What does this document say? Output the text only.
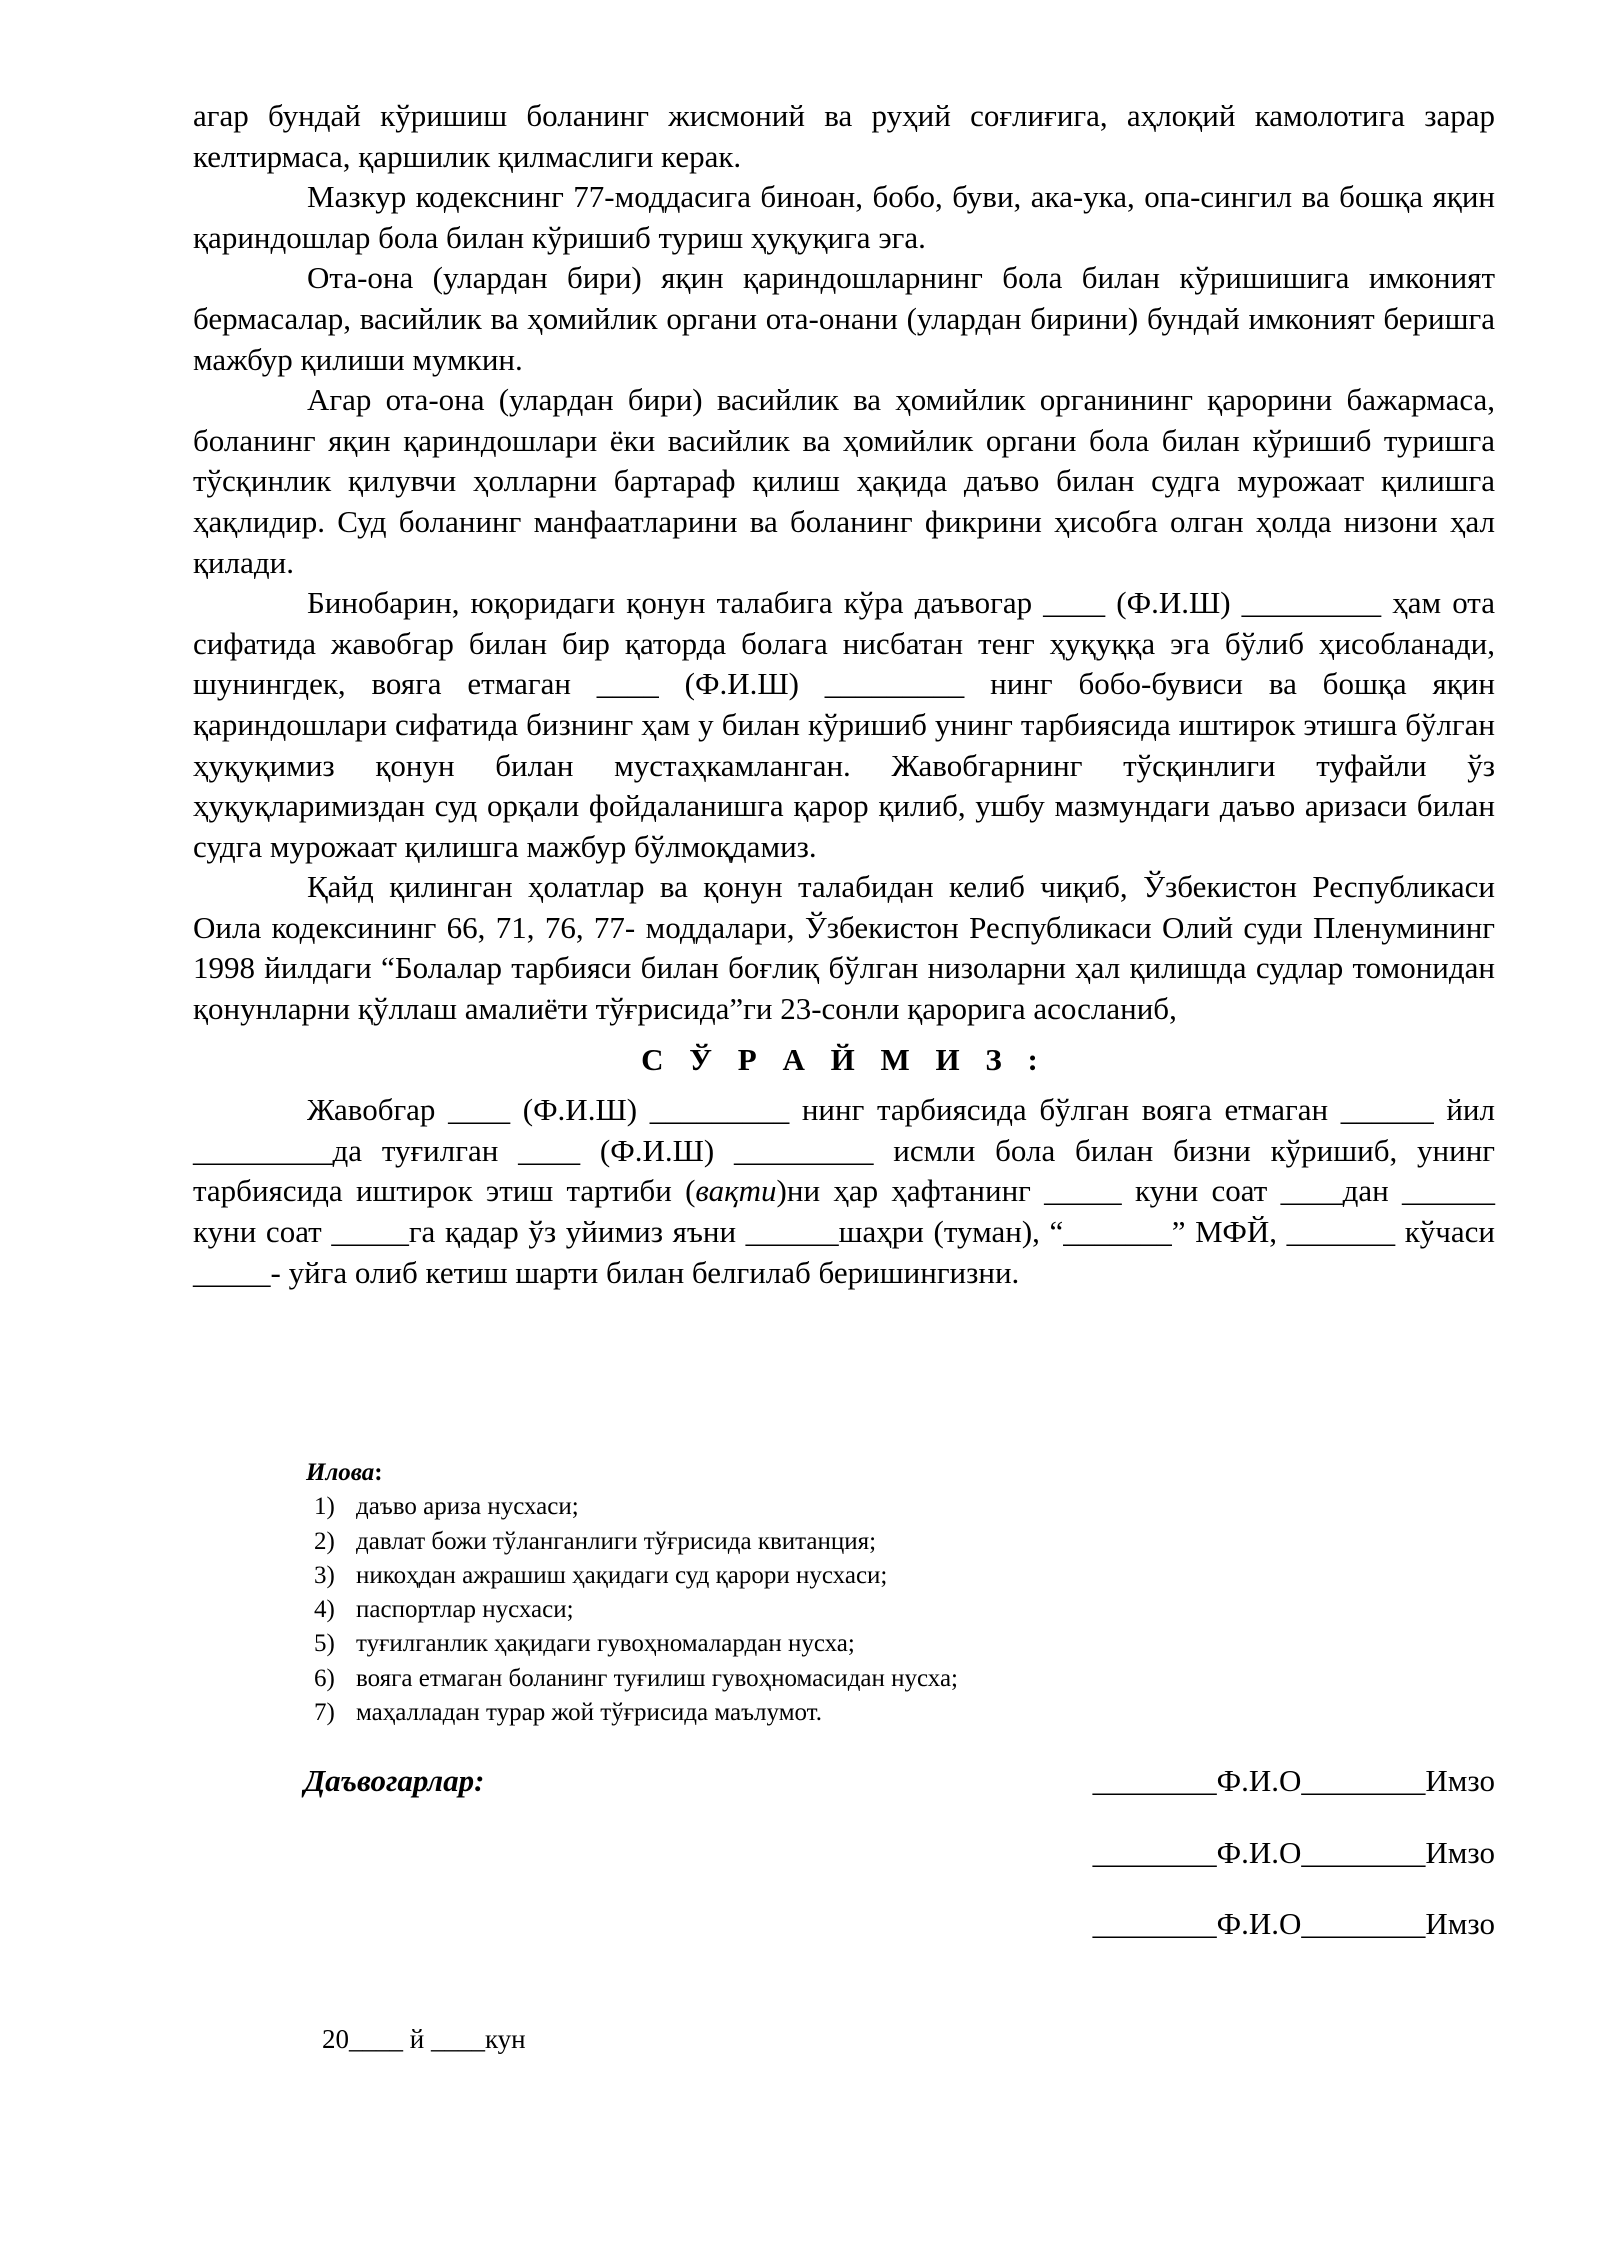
агар бундай кўришиш боланинг жисмоний ва руҳий соғлиғига, аҳлоқий камолотига зарар келтирмаса, қаршилик қилмаслиги керак.

Мазкур кодекснинг 77-моддасига биноан, бобо, буви, ака-ука, опа-сингил ва бошқа яқин қариндошлар бола билан кўришиб туриш ҳуқуқига эга.

Ота-она (улардан бири) яқин қариндошларнинг бола билан кўришишига имконият бермасалар, васийлик ва ҳомийлик органи ота-онани (улардан бирини) бундай имконият беришга мажбур қилиши мумкин.

Агар ота-она (улардан бири) васийлик ва ҳомийлик органининг қарорини бажармаса, боланинг яқин қариндошлари ёки васийлик ва ҳомийлик органи бола билан кўришиб туришга тўсқинлик қилувчи ҳолларни бартараф қилиш ҳақида даъво билан судга мурожаат қилишга ҳақлидир. Суд боланинг манфаатларини ва боланинг фикрини ҳисобга олган ҳолда низони ҳал қилади.

Бинобарин, юқоридаги қонун талабига кўра даъвогар ____ (Ф.И.Ш) _________ ҳам ота сифатида жавобгар билан бир қаторда болага нисбатан тенг ҳуқуққа эга бўлиб ҳисобланади, шунингдек, вояга етмаган ____ (Ф.И.Ш) _________ нинг бобо-бувиси ва бошқа яқин қариндошлари сифатида бизнинг ҳам у билан кўришиб унинг тарбиясида иштирок этишга бўлган ҳуқуқимиз қонун билан мустаҳкамланган. Жавобгарнинг тўсқинлиги туфайли ўз ҳуқуқларимиздан суд орқали фойдаланишга қарор қилиб, ушбу мазмундаги даъво аризаси билан судга мурожаат қилишга мажбур бўлмоқдамиз.

Қайд қилинган ҳолатлар ва қонун талабидан келиб чиқиб, Ўзбекистон Республикаси Оила кодексининг 66, 71, 76, 77- моддалари, Ўзбекистон Республикаси Олий суди Пленумининг 1998 йилдаги “Болалар тарбияси билан боғлиқ бўлган низоларни ҳал қилишда судлар томонидан қонунларни қўллаш амалиёти тўғрисида”ги 23-сонли қарорига асосланиб,

С Ў Р А Й М И З :

Жавобгар ____ (Ф.И.Ш) _________ нинг тарбиясида бўлган вояга етмаган ______ йил _________да туғилган ____ (Ф.И.Ш) _________ исмли бола билан бизни кўришиб, унинг тарбиясида иштирок этиш тартиби (вақти)ни ҳар ҳафтанинг _____ куни соат ____дан ______ куни соат _____га қадар ўз уйимиз яъни ______шаҳри (туман), “_______” МФЙ, _______ кўчаси _____- уйга олиб кетиш шарти билан белгилаб беришингизни.

Илова:
1) даъво ариза нусхаси;
2) давлат божи тўланганлиги тўғрисида квитанция;
3) никоҳдан ажрашиш ҳақидаги суд қарори нусхаси;
4) паспортлар нусхаси;
5) туғилганлик ҳақидаги гувоҳномалардан нусха;
6) вояга етмаган боланинг туғилиш гувоҳномасидан нусха;
7) маҳалладан турар жой тўғрисида маълумот.
Даъвогарлар:	________Ф.И.О________Имзо
________Ф.И.О________Имзо
________Ф.И.О________Имзо
20____ й ____кун
